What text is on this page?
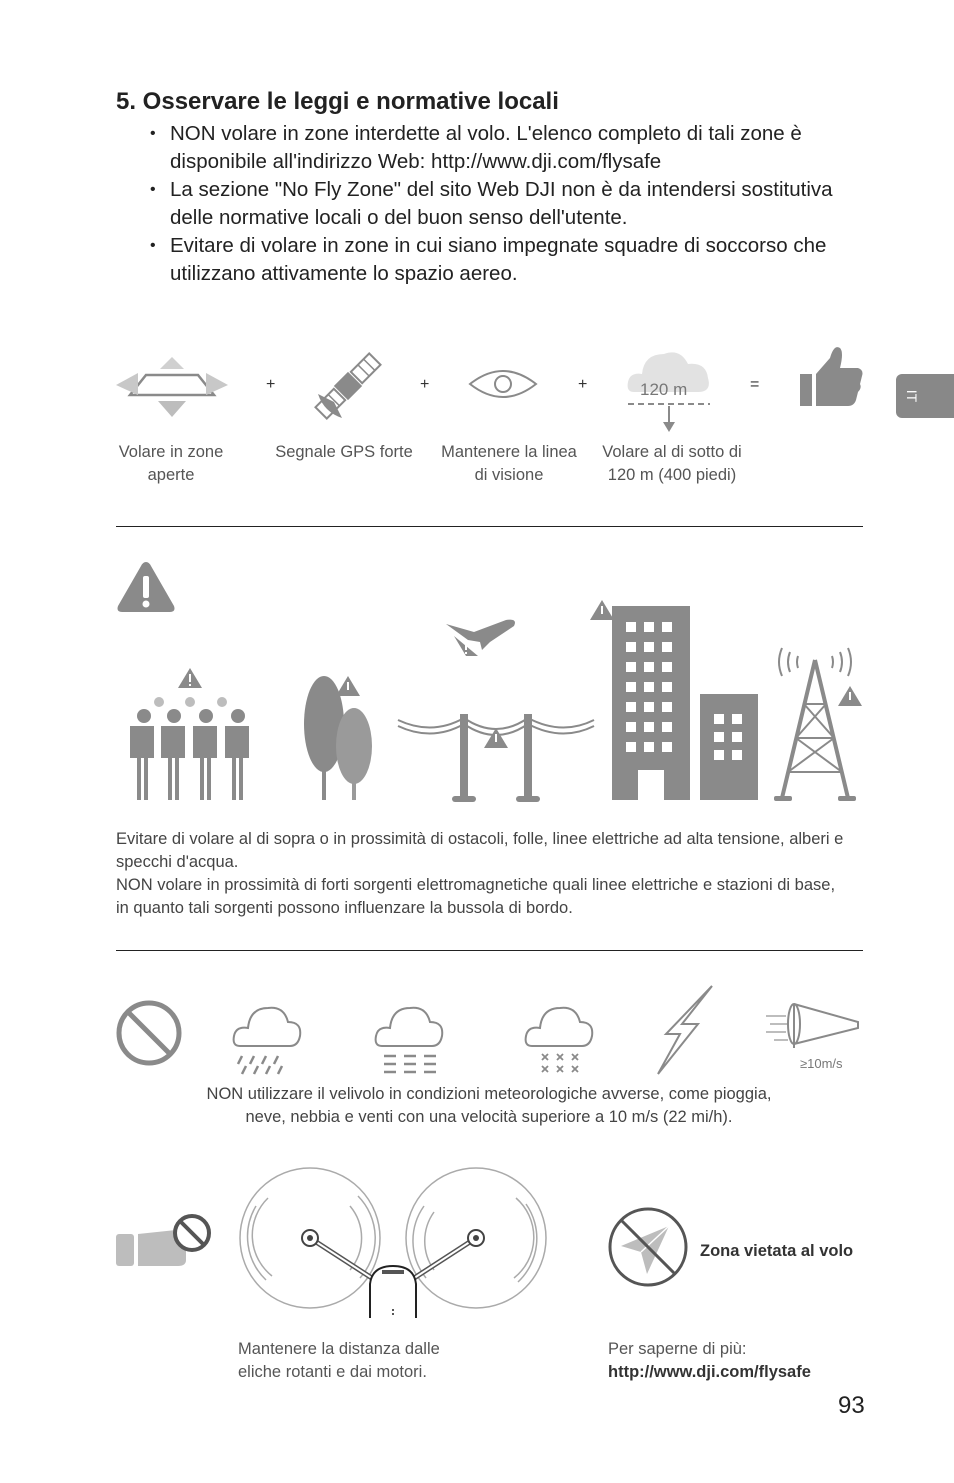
5. Osservare le leggi e normative locali
• NON volare in zone interdette al volo. L'elenco completo di tali zone è disponibile all'indirizzo Web: http://www.dji.com/flysafe
• La sezione "No Fly Zone" del sito Web DJI non è da intendersi sostitutiva delle normative locali o del buon senso dell'utente.
• Evitare di volare in zone in cui siano impegnate squadre di soccorso che utilizzano attivamente lo spazio aereo.
IT
+	+	+	120 m	=
Volare in zone
aperte
Segnale GPS forte	Mantenere la linea
di visione
Volare al di sotto di
120 m (400 piedi)
Evitare di volare al di sopra o in prossimità di ostacoli, folle, linee elettriche ad alta tensione, alberi e specchi d'acqua.
NON volare in prossimità di forti sorgenti elettromagnetiche quali linee elettriche e stazioni di base, in quanto tali sorgenti possono influenzare la bussola di bordo.
≥10m/s
NON utilizzare il velivolo in condizioni meteorologiche avverse, come pioggia,
neve, nebbia e venti con una velocità superiore a 10 m/s (22 mi/h).
Mantenere la distanza dalle
eliche rotanti e dai motori.
Zona vietata al volo
Per saperne di più:
http://www.dji.com/flysafe
93
